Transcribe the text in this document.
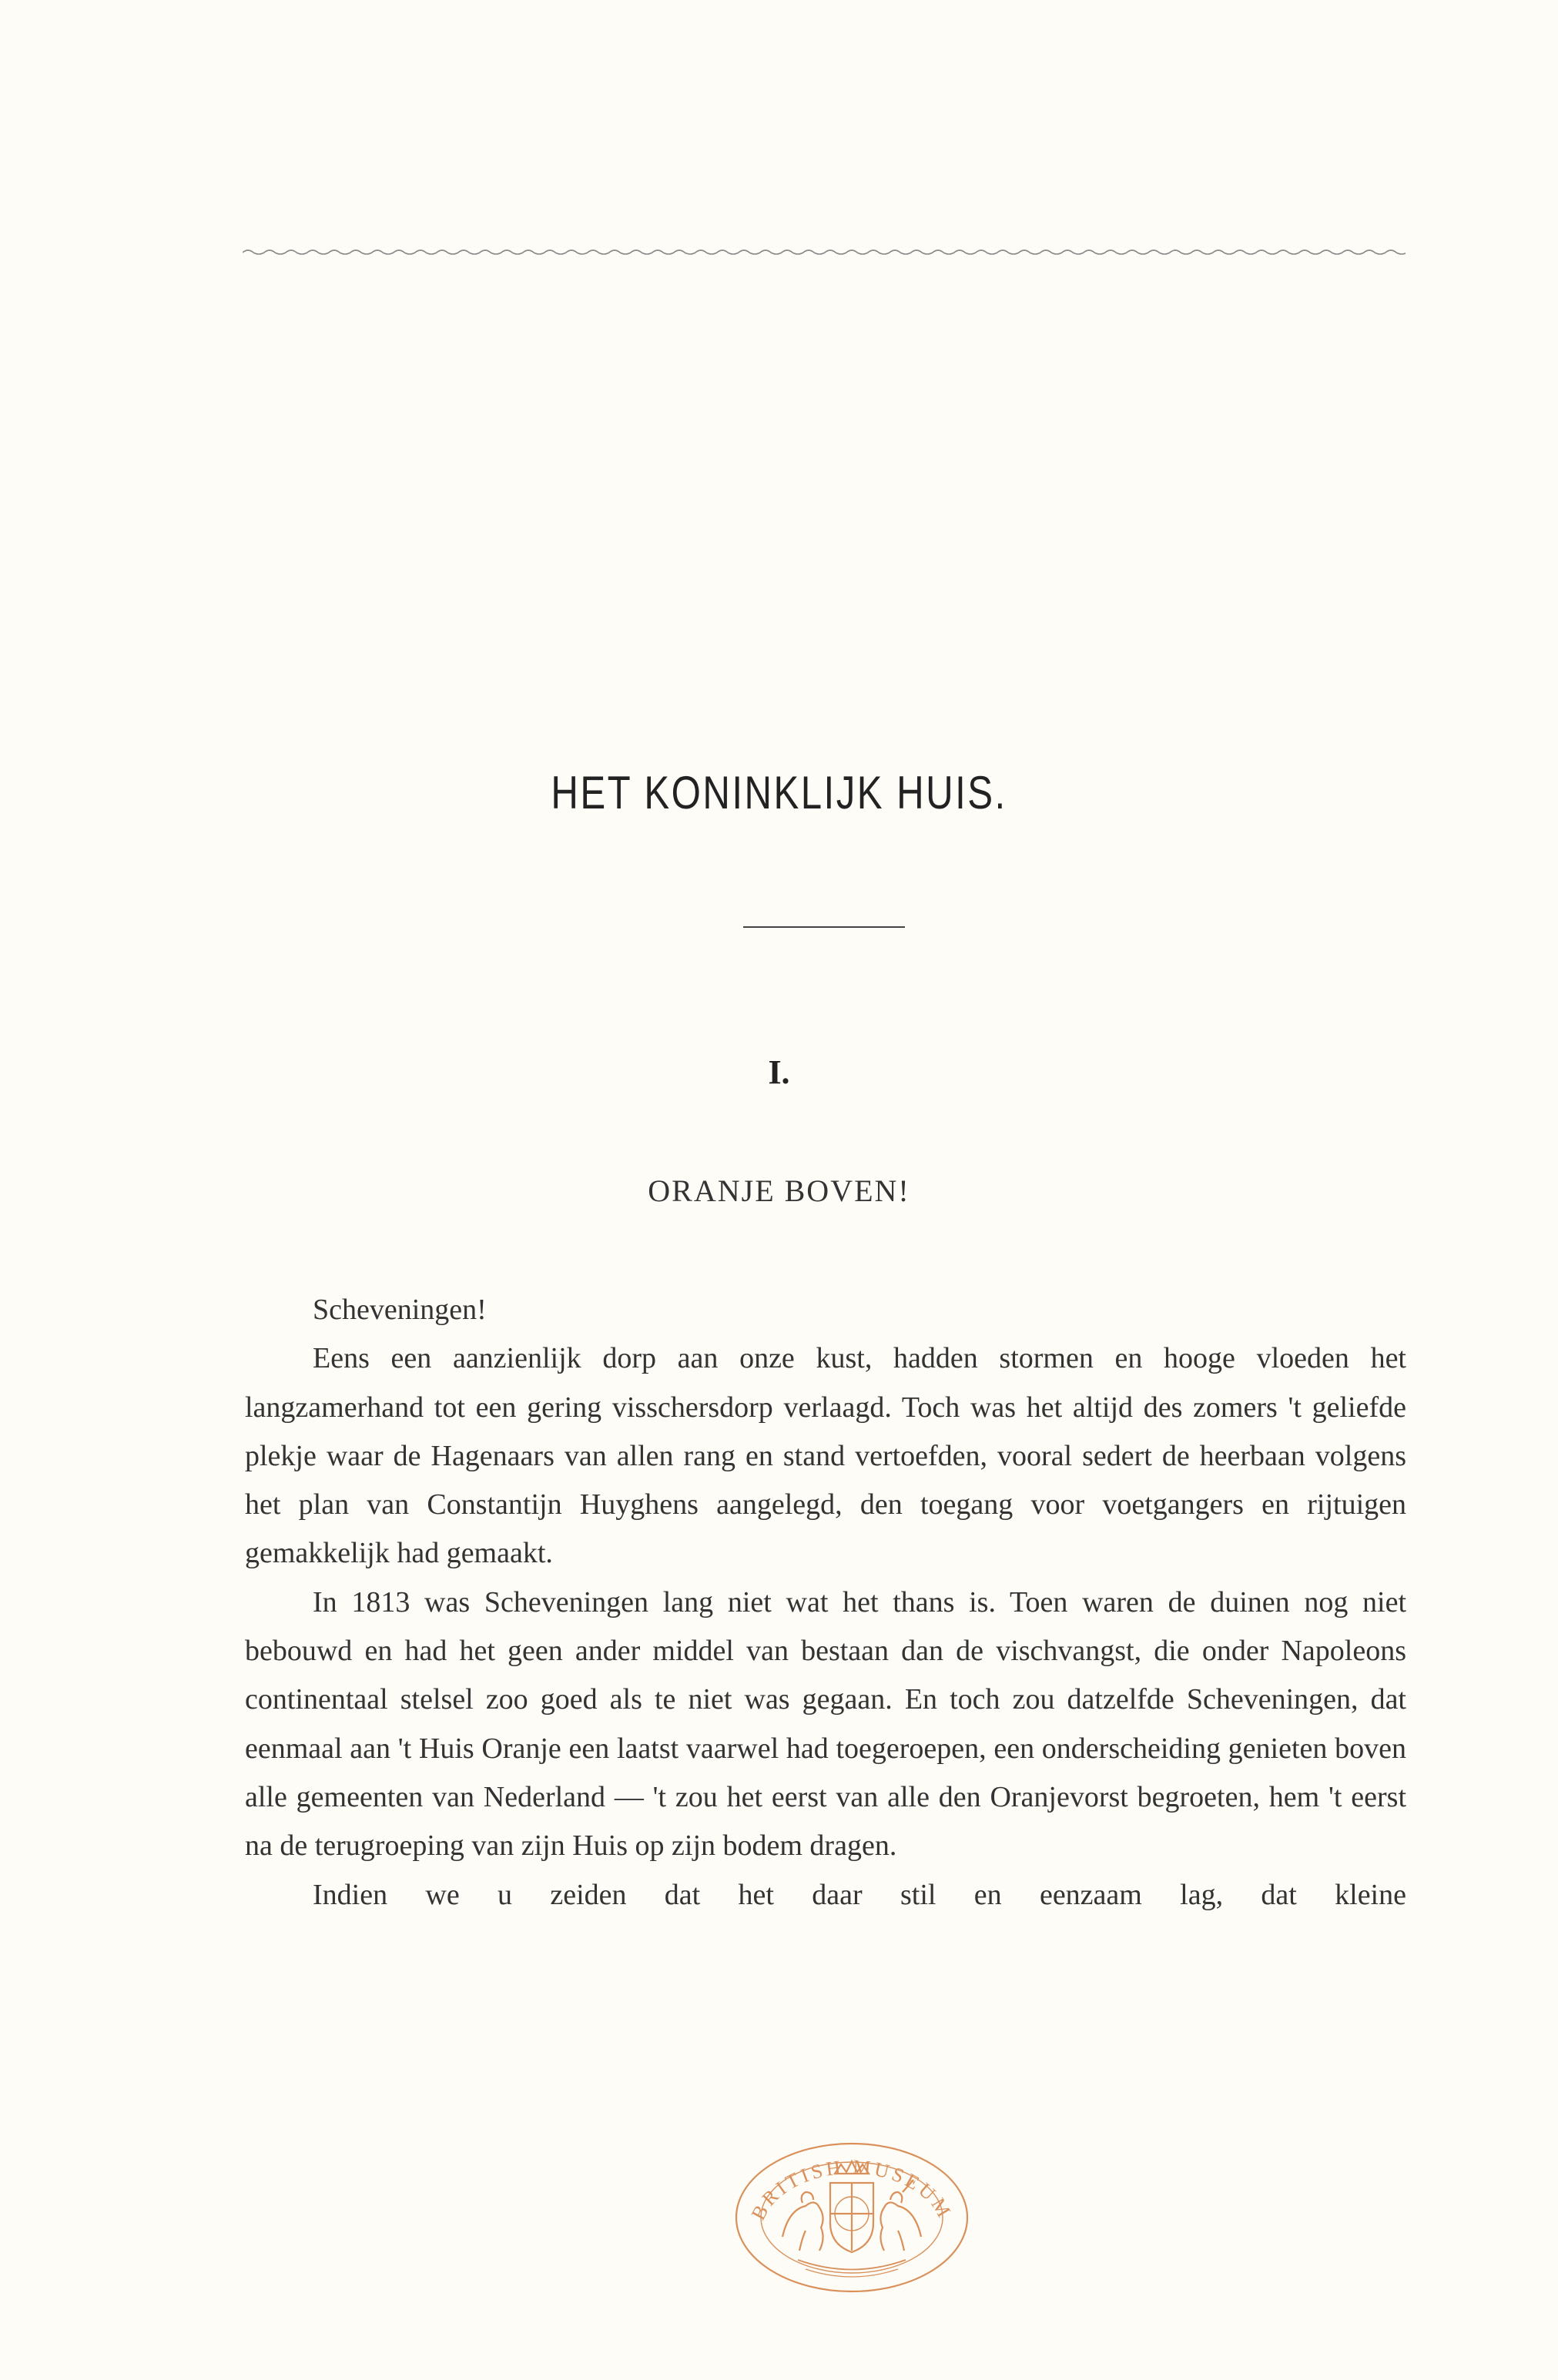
HET KONINKLIJK HUIS.
I.
ORANJE BOVEN!

Scheveningen!

Eens een aanzienlijk dorp aan onze kust, hadden stormen en hooge vloeden het langzamerhand tot een gering visschersdorp verlaagd. Toch was het altijd des zomers 't geliefde plekje waar de Hagenaars van allen rang en stand vertoefden, vooral sedert de heerbaan volgens het plan van Constantijn Huyghens aangelegd, den toegang voor voetgangers en rijtuigen gemakkelijk had gemaakt.

In 1813 was Scheveningen lang niet wat het thans is. Toen waren de duinen nog niet bebouwd en had het geen ander middel van bestaan dan de vischvangst, die onder Napoleons continentaal stelsel zoo goed als te niet was gegaan. En toch zou datzelfde Scheveningen, dat eenmaal aan 't Huis Oranje een laatst vaarwel had toegeroepen, een onderscheiding genieten boven alle gemeenten van Nederland — 't zou het eerst van alle den Oranjevorst begroeten, hem 't eerst na de terugroeping van zijn Huis op zijn bodem dragen.

Indien we u zeiden dat het daar stil en eenzaam lag, dat kleine

BRITISH MUSEUM
